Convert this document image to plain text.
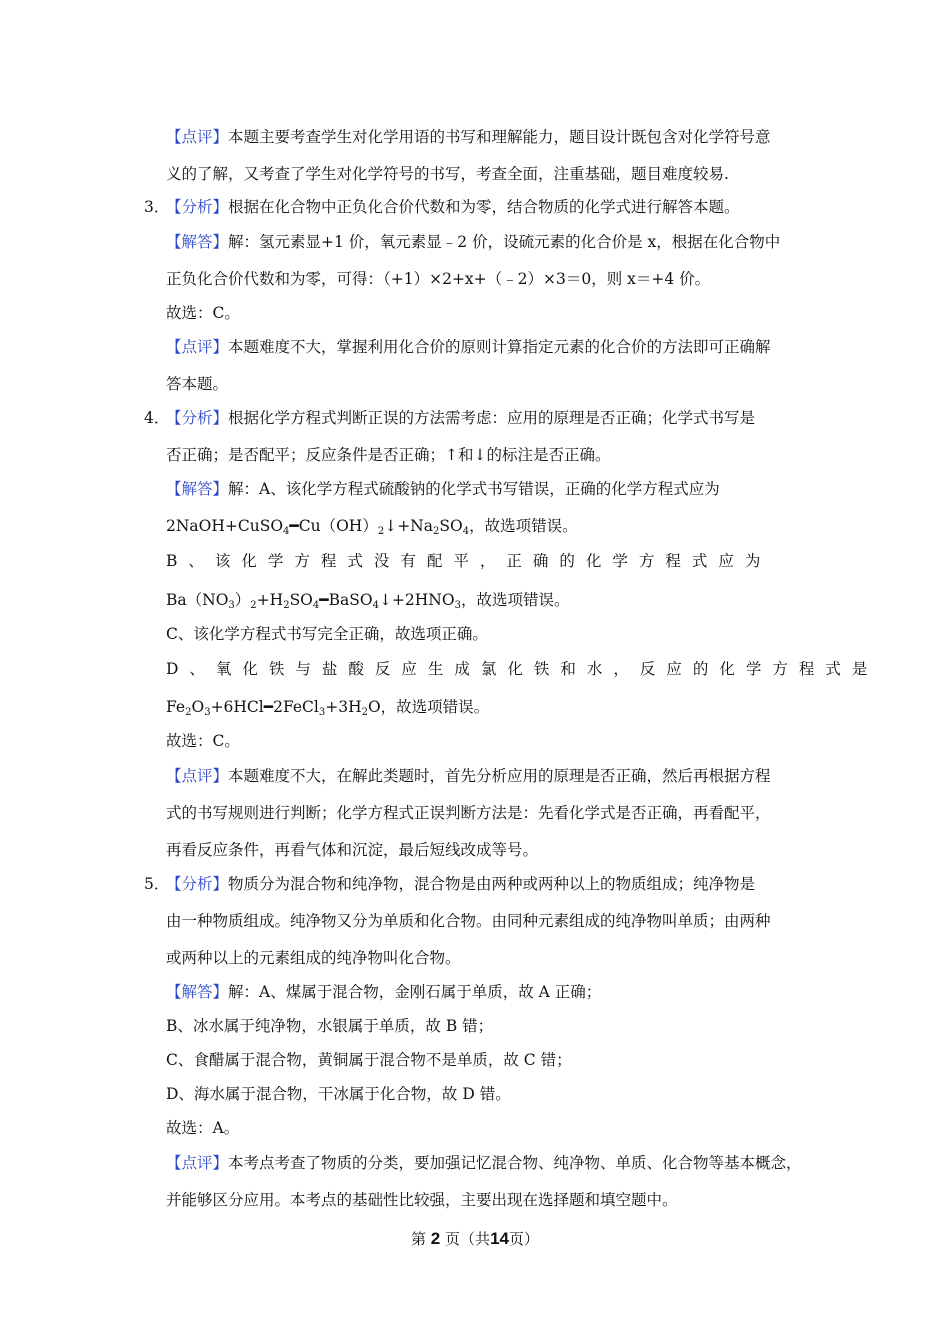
【点评】本题主要考查学生对化学用语的书写和理解能力，题目设计既包含对化学符号意
义的了解，又考查了学生对化学符号的书写，考查全面，注重基础，题目难度较易.
3．
【分析】根据在化合物中正负化合价代数和为零，结合物质的化学式进行解答本题。
【解答】解：氢元素显+1 价，氧元素显﹣2 价，设硫元素的化合价是 x，根据在化合物中
正负化合价代数和为零，可得：（+1）×2+x+（﹣2）×3＝0，则 x＝+4 价。
故选：C。
【点评】本题难度不大，掌握利用化合价的原则计算指定元素的化合价的方法即可正确解
答本题。
4．
【分析】根据化学方程式判断正误的方法需考虑：应用的原理是否正确；化学式书写是
否正确；是否配平；反应条件是否正确；↑和↓的标注是否正确。
【解答】解：A、该化学方程式硫酸钠的化学式书写错误，正确的化学方程式应为
$2NaOH+CuSO_4━Cu(OH)_2↓+Na_2SO_4$，故选项错误。
B、该化学方程式没有配平，正确的化学方程式应为
$Ba(NO_3)_2+H_2SO_4━BaSO_4↓+2HNO_3$，故选项错误。
C、该化学方程式书写完全正确，故选项正确。
D、氧化铁与盐酸反应生成氯化铁和水，反应的化学方程式是
$Fe_2O_3+6HCl━2FeCl_3+3H_2O$，故选项错误。
故选：C。
【点评】本题难度不大，在解此类题时，首先分析应用的原理是否正确，然后再根据方程
式的书写规则进行判断；化学方程式正误判断方法是：先看化学式是否正确，再看配平，
再看反应条件，再看气体和沉淀，最后短线改成等号。
5．
【分析】物质分为混合物和纯净物，混合物是由两种或两种以上的物质组成；纯净物是
由一种物质组成。纯净物又分为单质和化合物。由同种元素组成的纯净物叫单质；由两种
或两种以上的元素组成的纯净物叫化合物。
【解答】解：A、煤属于混合物，金刚石属于单质，故 A 正确；
B、冰水属于纯净物，水银属于单质，故 B 错；
C、食醋属于混合物，黄铜属于混合物不是单质，故 C 错；
D、海水属于混合物，干冰属于化合物，故 D 错。
故选：A。
【点评】本考点考查了物质的分类，要加强记忆混合物、纯净物、单质、化合物等基本概念，
并能够区分应用。本考点的基础性比较强，主要出现在选择题和填空题中。
第 2 页（共14页）
